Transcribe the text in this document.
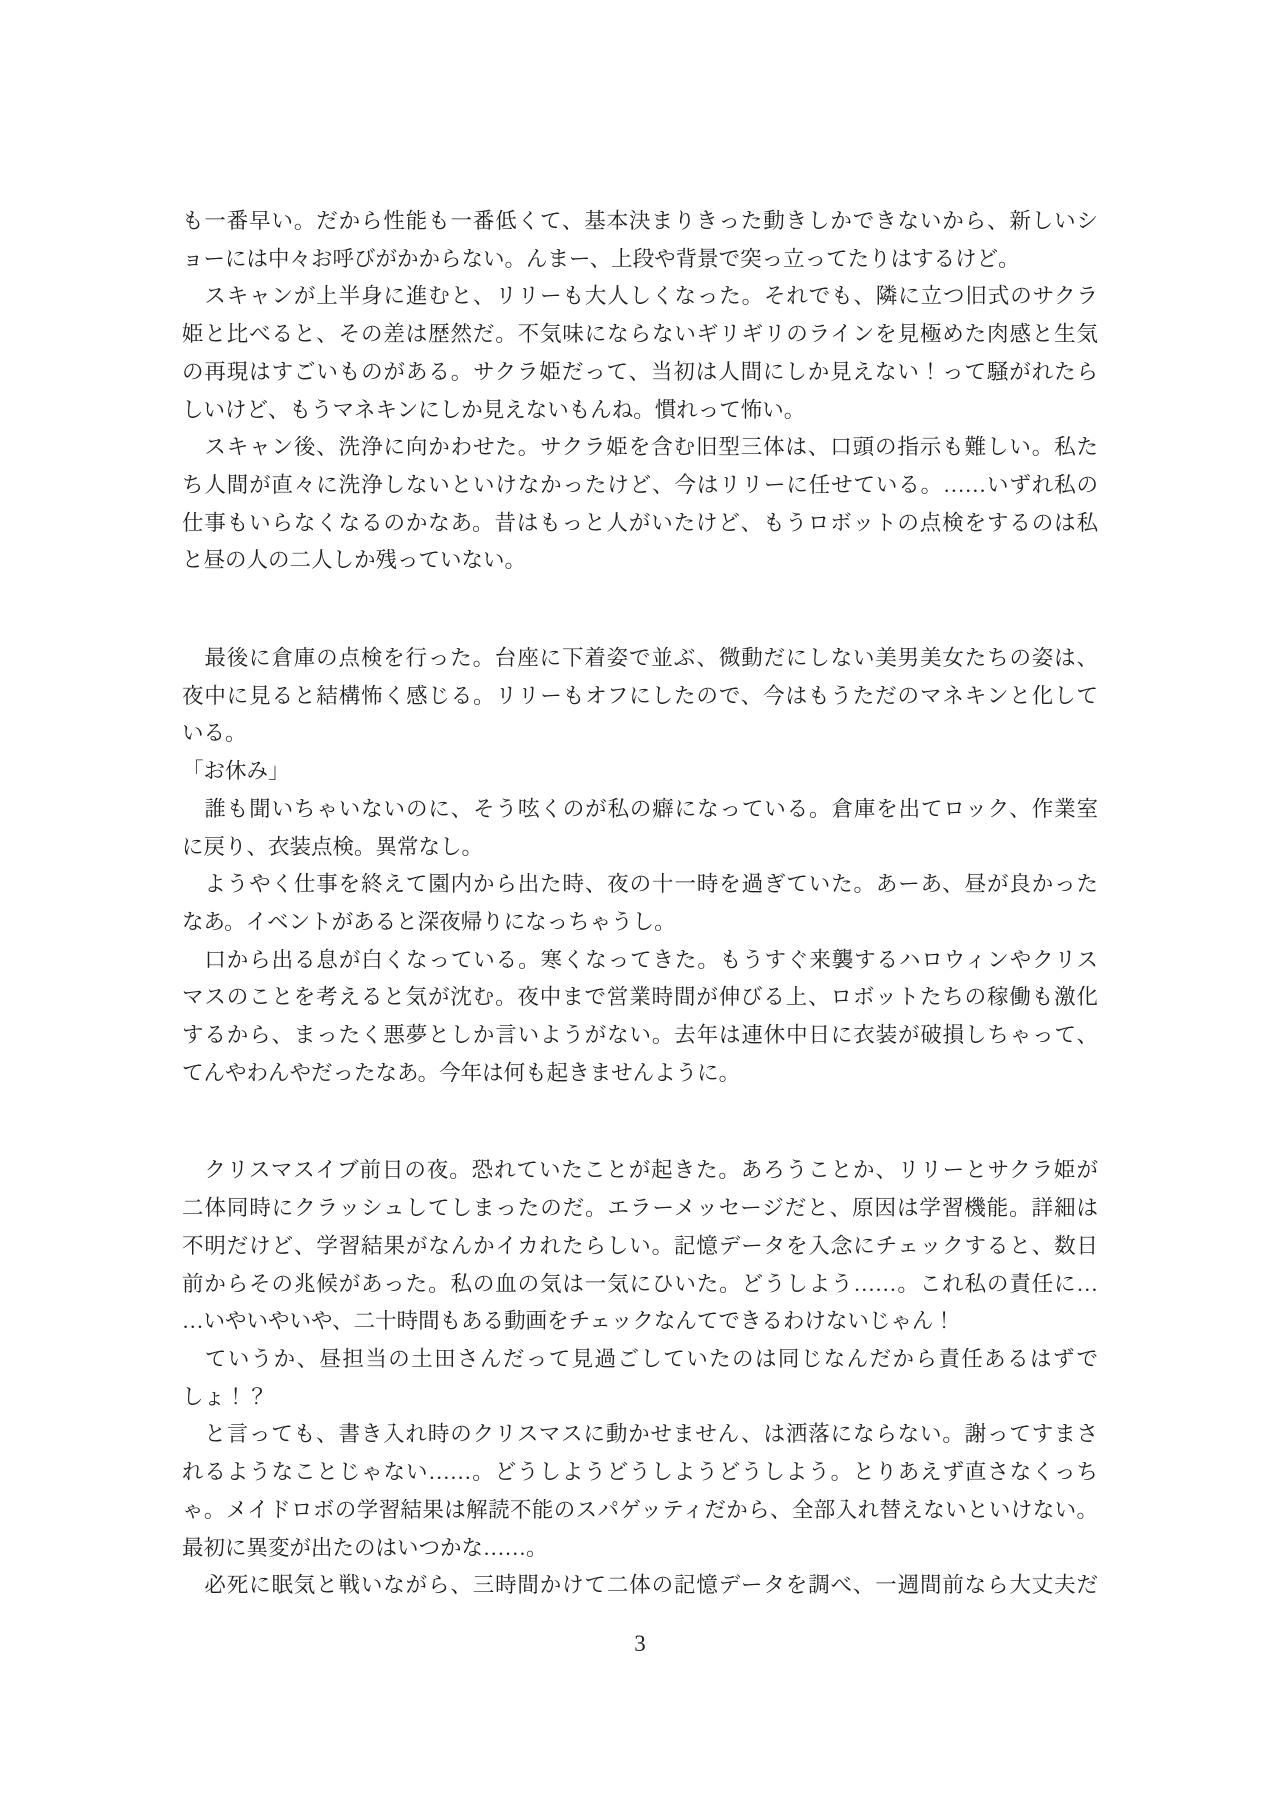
も一番早い。だから性能も一番低くて、基本決まりきった動きしかできないから、新しいシ
ョーには中々お呼びがかからない。んまー、上段や背景で突っ立ってたりはするけど。
　スキャンが上半身に進むと、リリーも大人しくなった。それでも、隣に立つ旧式のサクラ
姫と比べると、その差は歴然だ。不気味にならないギリギリのラインを見極めた肉感と生気
の再現はすごいものがある。サクラ姫だって、当初は人間にしか見えない！って騒がれたら
しいけど、もうマネキンにしか見えないもんね。慣れって怖い。
　スキャン後、洗浄に向かわせた。サクラ姫を含む旧型三体は、口頭の指示も難しい。私た
ち人間が直々に洗浄しないといけなかったけど、今はリリーに任せている。……いずれ私の
仕事もいらなくなるのかなあ。昔はもっと人がいたけど、もうロボットの点検をするのは私
と昼の人の二人しか残っていない。
　最後に倉庫の点検を行った。台座に下着姿で並ぶ、微動だにしない美男美女たちの姿は、
夜中に見ると結構怖く感じる。リリーもオフにしたので、今はもうただのマネキンと化して
いる。
「お休み」
　誰も聞いちゃいないのに、そう呟くのが私の癖になっている。倉庫を出てロック、作業室
に戻り、衣装点検。異常なし。
　ようやく仕事を終えて園内から出た時、夜の十一時を過ぎていた。あーあ、昼が良かった
なあ。イベントがあると深夜帰りになっちゃうし。
　口から出る息が白くなっている。寒くなってきた。もうすぐ来襲するハロウィンやクリス
マスのことを考えると気が沈む。夜中まで営業時間が伸びる上、ロボットたちの稼働も激化
するから、まったく悪夢としか言いようがない。去年は連休中日に衣装が破損しちゃって、
てんやわんやだったなあ。今年は何も起きませんように。
　クリスマスイブ前日の夜。恐れていたことが起きた。あろうことか、リリーとサクラ姫が
二体同時にクラッシュしてしまったのだ。エラーメッセージだと、原因は学習機能。詳細は
不明だけど、学習結果がなんかイカれたらしい。記憶データを入念にチェックすると、数日
前からその兆候があった。私の血の気は一気にひいた。どうしよう……。これ私の責任に…
…いやいやいや、二十時間もある動画をチェックなんてできるわけないじゃん！
　ていうか、昼担当の土田さんだって見過ごしていたのは同じなんだから責任あるはずで
しょ！？
　と言っても、書き入れ時のクリスマスに動かせません、は洒落にならない。謝ってすまさ
れるようなことじゃない……。どうしようどうしようどうしよう。とりあえず直さなくっち
ゃ。メイドロボの学習結果は解読不能のスパゲッティだから、全部入れ替えないといけない。
最初に異変が出たのはいつかな……。
　必死に眠気と戦いながら、三時間かけて二体の記憶データを調べ、一週間前なら大丈夫だ
3
